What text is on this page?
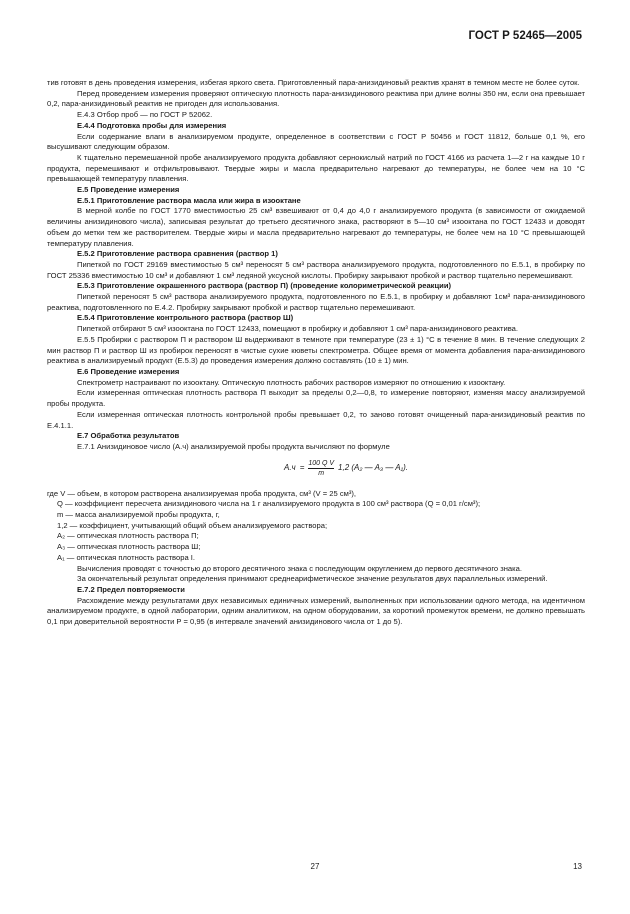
ГОСТ Р 52465—2005

тив готовят в день проведения измерения, избегая яркого света. Приготовленный пара-анизидиновый реактив хранят в темном месте не более суток.

Перед проведением измерения проверяют оптическую плотность пара-анизидинового реактива при длине волны 350 нм, если она превышает 0,2, пара-анизидиновый реактив не пригоден для использования.

Е.4.3 Отбор проб — по ГОСТ Р 52062.

Е.4.4 Подготовка пробы для измерения

Если содержание влаги в анализируемом продукте, определенное в соответствии с ГОСТ Р 50456 и ГОСТ 11812, больше 0,1 %, его высушивают следующим образом.

К тщательно перемешанной пробе анализируемого продукта добавляют сернокислый натрий по ГОСТ 4166 из расчета 1—2 г на каждые 10 г продукта, перемешивают и отфильтровывают. Твердые жиры и масла предварительно нагревают до температуры, не более чем на 10 °С превышающей температуру плавления.

Е.5 Проведение измерения

Е.5.1 Приготовление раствора масла или жира в изооктане

В мерной колбе по ГОСТ 1770 вместимостью 25 см³ взвешивают от 0,4 до 4,0 г анализируемого продукта (в зависимости от ожидаемой величины анизидинового числа), записывая результат до третьего десятичного знака, растворяют в 5—10 см³ изооктана по ГОСТ 12433 и доводят объем до метки тем же растворителем. Твердые жиры и масла предварительно нагревают до температуры, не более чем на 10 °С превышающей температуру плавления.

Е.5.2 Приготовление раствора сравнения (раствор 1)

Пипеткой по ГОСТ 29169 вместимостью 5 см³ переносят 5 см³ раствора анализируемого продукта, подготовленного по Е.5.1, в пробирку по ГОСТ 25336 вместимостью 10 см³ и добавляют 1 см³ ледяной уксусной кислоты. Пробирку закрывают пробкой и раствор тщательно перемешивают.

Е.5.3 Приготовление окрашенного раствора (раствор П) (проведение колориметрической реакции)

Пипеткой переносят 5 см³ раствора анализируемого продукта, подготовленного по Е.5.1, в пробирку и добавляют 1см³ пара-анизидинового реактива, подготовленного по Е.4.2. Пробирку закрывают пробкой и раствор тщательно перемешивают.

Е.5.4 Приготовление контрольного раствора (раствор Ш)

Пипеткой отбирают 5 см³ изооктана по ГОСТ 12433, помещают в пробирку и добавляют 1 см³ пара-анизидинового реактива.

Е.5.5 Пробирки с раствором П и раствором Ш выдерживают в темноте при температуре (23 ± 1) °С в течение 8 мин. В течение следующих 2 мин раствор П и раствор Ш из пробирок переносят в чистые сухие кюветы спектрометра. Общее время от момента добавления пара-анизидинового реактива в анализируемый продукт (Е.5.3) до проведения измерения должно составлять (10 ± 1) мин.

Е.6 Проведение измерения

Спектрометр настраивают по изооктану. Оптическую плотность рабочих растворов измеряют по отношению к изооктану.

Если измеренная оптическая плотность раствора П выходит за пределы 0,2—0,8, то измерение повторяют, изменяя массу анализируемой пробы продукта.

Если измеренная оптическая плотность контрольной пробы превышает 0,2, то заново готовят очищенный пара-анизидиновый реактив по Е.4.1.1.

Е.7 Обработка результатов

Е.7.1 Анизидиновое число (А.ч) анализируемой пробы продукта вычисляют по формуле

$А.ч = \frac{\text{100 Q V}}{m} 1,2$ (A₂ — A₃ — A₁).

где V — объем, в котором растворена анализируемая проба продукта, см³ (V = 25 см³),

Q — коэффициент пересчета анизидинового числа на 1 г анализируемого продукта в 100 см³ раствора (Q = 0,01 г/см³);

m — масса анализируемой пробы продукта, г,

1,2 — коэффициент, учитывающий общий объем анализируемого раствора;

A₂ — оптическая плотность раствора П;

A₃ — оптическая плотность раствора Ш;

A₁ — оптическая плотность раствора I.

Вычисления проводят с точностью до второго десятичного знака с последующим округлением до первого десятичного знака.

За окончательный результат определения принимают среднеарифметическое значение результатов двух параллельных измерений.

Е.7.2 Предел повторяемости

Расхождение между результатами двух независимых единичных измерений, выполненных при использовании одного метода, на идентичном анализируемом продукте, в одной лаборатории, одним аналитиком, на одном оборудовании, за короткий промежуток времени, не должно превышать 0,1 при доверительной вероятности P = 0,95 (в интервале значений анизидинового числа от 1 до 5).

27	13
